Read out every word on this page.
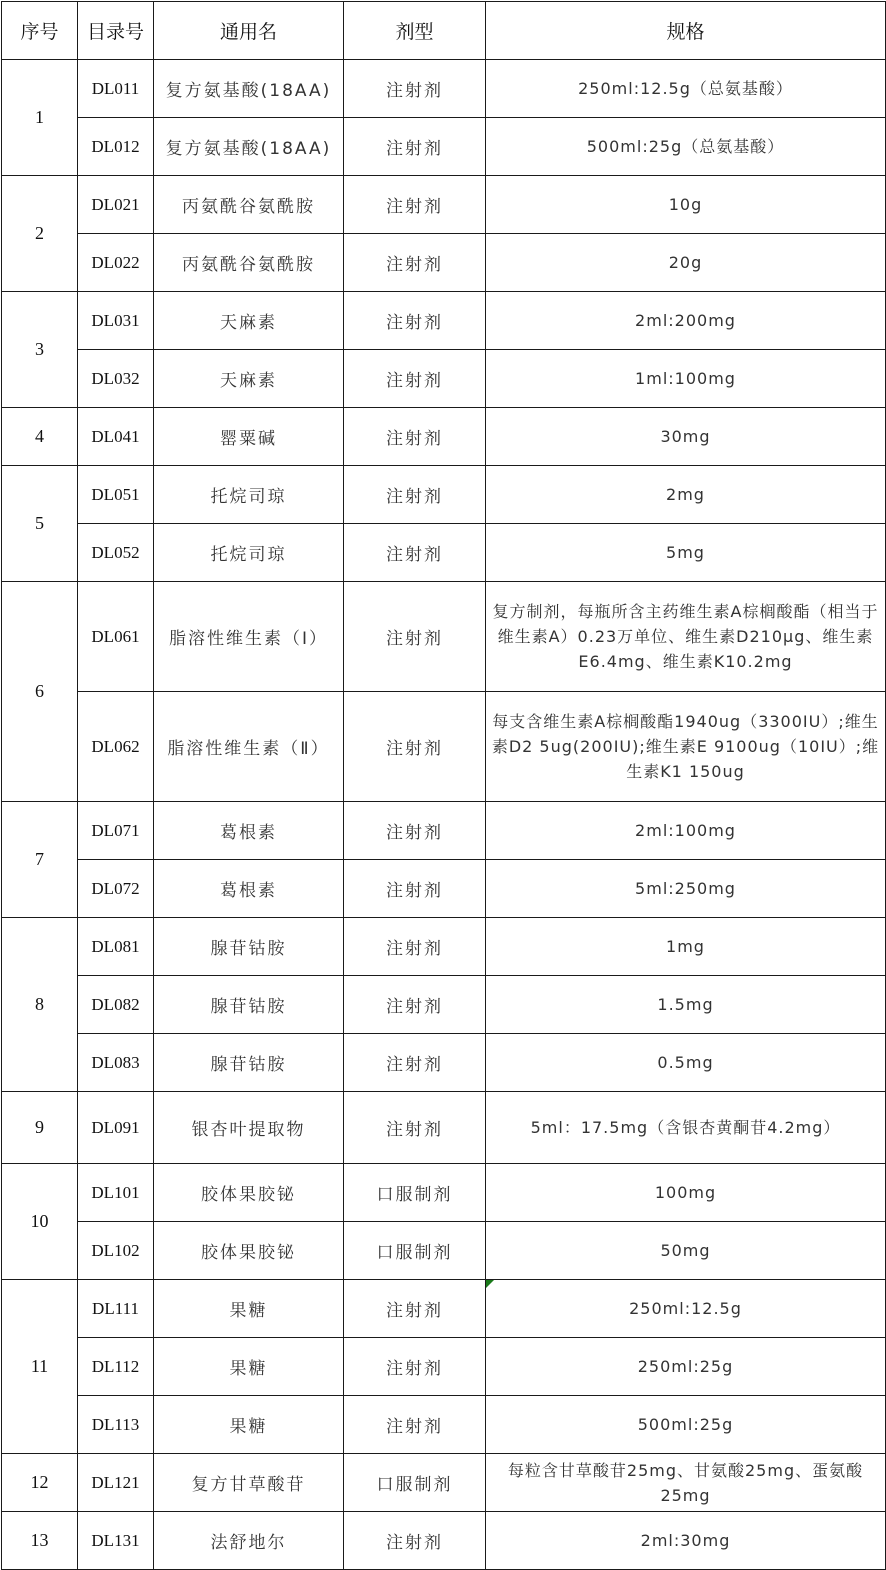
序号	目录号	通用名	剂型	规格
1	DL011	复方氨基酸(18AA)	注射剂	250ml:12.5g（总氨基酸）
	DL012	复方氨基酸(18AA)	注射剂	500ml:25g（总氨基酸）
2	DL021	丙氨酰谷氨酰胺	注射剂	10g
	DL022	丙氨酰谷氨酰胺	注射剂	20g
3	DL031	天麻素	注射剂	2ml:200mg
	DL032	天麻素	注射剂	1ml:100mg
4	DL041	罂粟碱	注射剂	30mg
5	DL051	托烷司琼	注射剂	2mg
	DL052	托烷司琼	注射剂	5mg
6	DL061	脂溶性维生素（Ⅰ）	注射剂	复方制剂，每瓶所含主药维生素A棕榈酸酯（相当于维生素A）0.23万单位、维生素D210μg、维生素E6.4mg、维生素K10.2mg
	DL062	脂溶性维生素（Ⅱ）	注射剂	每支含维生素A棕榈酸酯1940ug（3300IU）;维生素D2 5ug(200IU);维生素E 9100ug（10IU）;维生素K1 150ug
7	DL071	葛根素	注射剂	2ml:100mg
	DL072	葛根素	注射剂	5ml:250mg
8	DL081	腺苷钴胺	注射剂	1mg
	DL082	腺苷钴胺	注射剂	1.5mg
	DL083	腺苷钴胺	注射剂	0.5mg
9	DL091	银杏叶提取物	注射剂	5ml：17.5mg（含银杏黄酮苷4.2mg）
10	DL101	胶体果胶铋	口服制剂	100mg
	DL102	胶体果胶铋	口服制剂	50mg
11	DL111	果糖	注射剂	250ml:12.5g

	DL112	果糖	注射剂	250ml:25g
	DL113	果糖	注射剂	500ml:25g
12	DL121	复方甘草酸苷	口服制剂	每粒含甘草酸苷25mg、甘氨酸25mg、蛋氨酸25mg
13	DL131	法舒地尔	注射剂	2ml:30mg
